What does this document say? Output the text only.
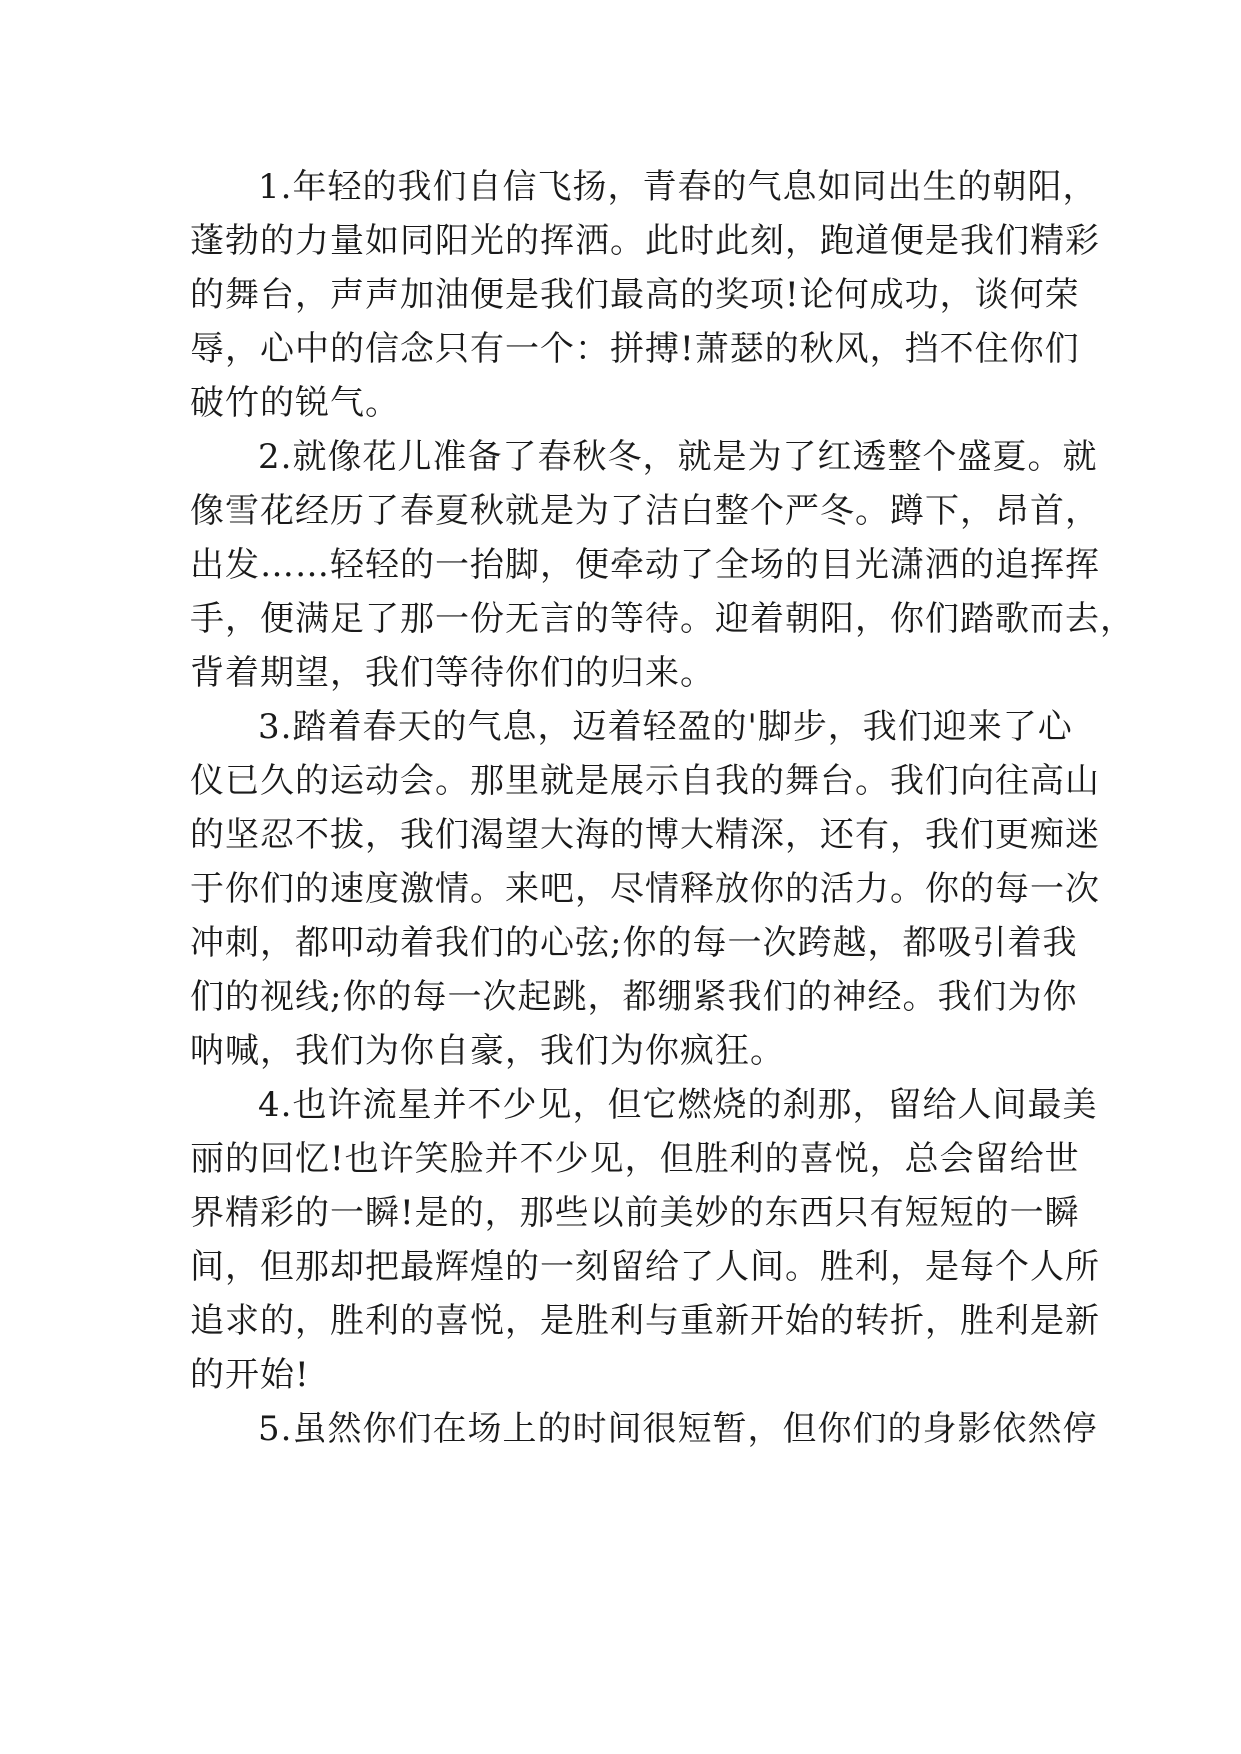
1.年轻的我们自信飞扬，青春的气息如同出生的朝阳，
蓬勃的力量如同阳光的挥洒。此时此刻，跑道便是我们精彩
的舞台，声声加油便是我们最高的奖项!论何成功，谈何荣
辱，心中的信念只有一个：拼搏!萧瑟的秋风，挡不住你们
破竹的锐气。
2.就像花儿准备了春秋冬，就是为了红透整个盛夏。就
像雪花经历了春夏秋就是为了洁白整个严冬。蹲下，昂首，
出发……轻轻的一抬脚，便牵动了全场的目光潇洒的追挥挥
手，便满足了那一份无言的等待。迎着朝阳，你们踏歌而去，
背着期望，我们等待你们的归来。
3.踏着春天的气息，迈着轻盈的'脚步，我们迎来了心
仪已久的运动会。那里就是展示自我的舞台。我们向往高山
的坚忍不拔，我们渴望大海的博大精深，还有，我们更痴迷
于你们的速度激情。来吧，尽情释放你的活力。你的每一次
冲刺，都叩动着我们的心弦;你的每一次跨越，都吸引着我
们的视线;你的每一次起跳，都绷紧我们的神经。我们为你
呐喊，我们为你自豪，我们为你疯狂。
4.也许流星并不少见，但它燃烧的刹那，留给人间最美
丽的回忆!也许笑脸并不少见，但胜利的喜悦，总会留给世
界精彩的一瞬!是的，那些以前美妙的东西只有短短的一瞬
间，但那却把最辉煌的一刻留给了人间。胜利，是每个人所
追求的，胜利的喜悦，是胜利与重新开始的转折，胜利是新
的开始!
5.虽然你们在场上的时间很短暂，但你们的身影依然停
